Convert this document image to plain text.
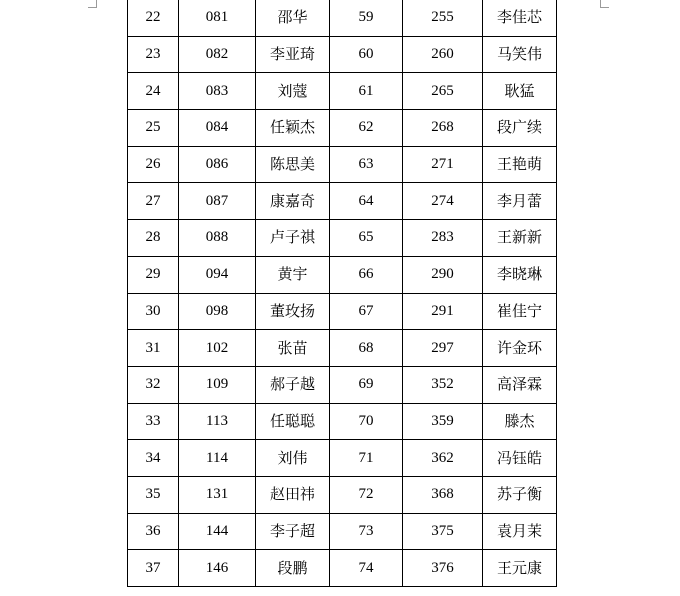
22	081	邵华	59	255	李佳芯
23	082	李亚琦	60	260	马笑伟
24	083	刘蔻	61	265	耿猛
25	084	任颖杰	62	268	段广续
26	086	陈思美	63	271	王艳萌
27	087	康嘉奇	64	274	李月蕾
28	088	卢子祺	65	283	王新新
29	094	黄宇	66	290	李晓琳
30	098	董玫扬	67	291	崔佳宁
31	102	张苗	68	297	许金环
32	109	郝子越	69	352	高泽霖
33	113	任聪聪	70	359	滕杰
34	114	刘伟	71	362	冯钰皓
35	131	赵田祎	72	368	苏子衡
36	144	李子超	73	375	袁月茉
37	146	段鹏	74	376	王元康
